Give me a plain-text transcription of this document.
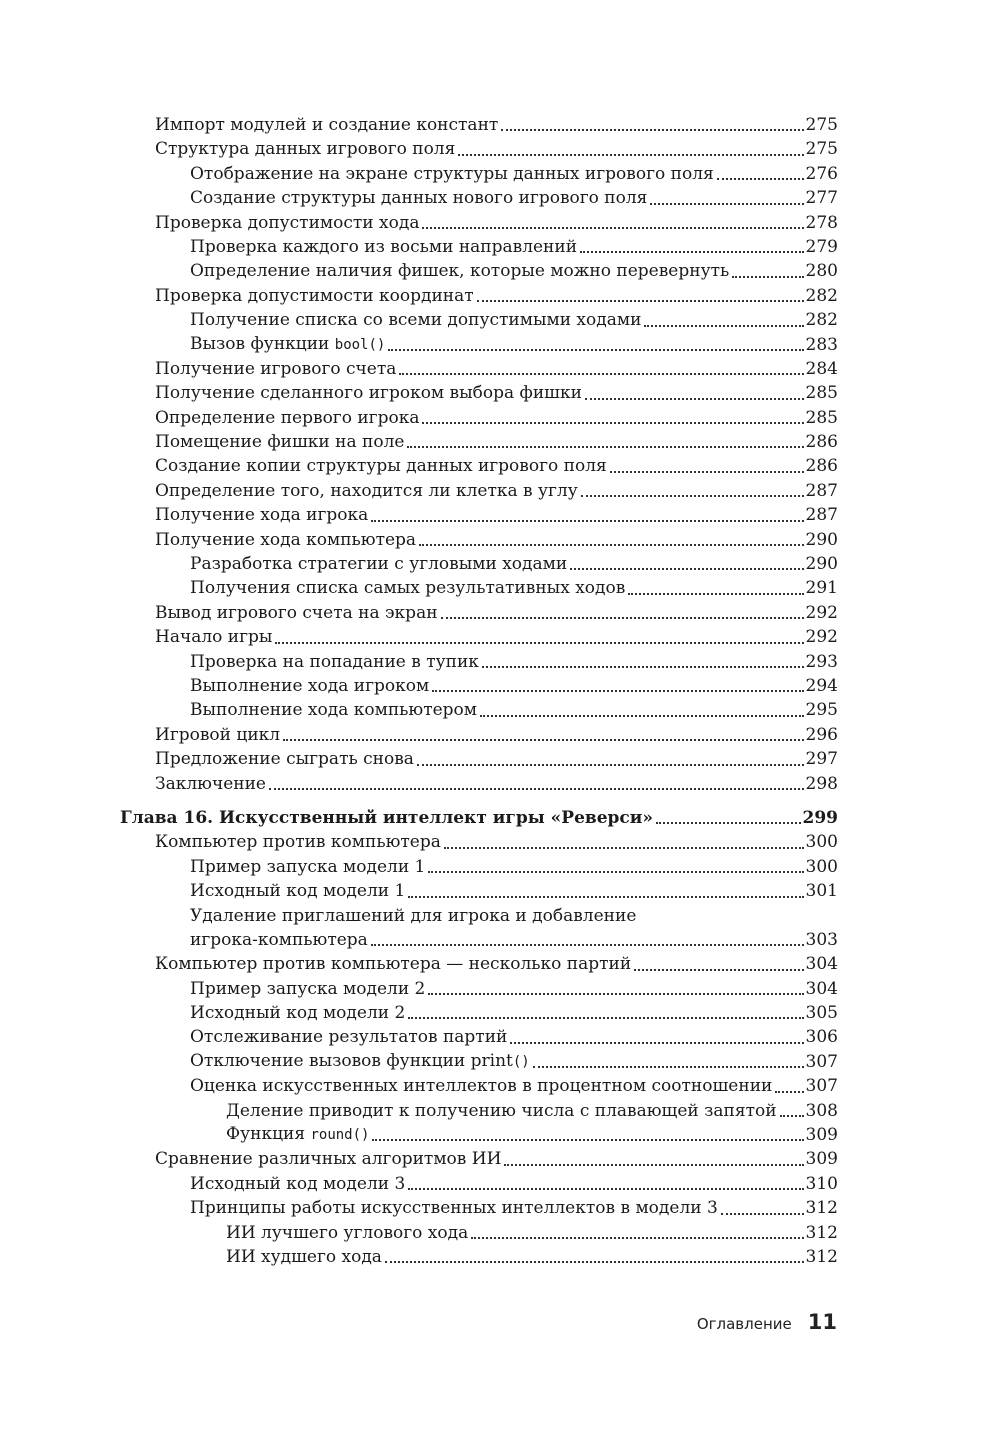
Импорт модулей и создание констант	275
Структура данных игрового поля	275
Отображение на экране структуры данных игрового поля	276
Создание структуры данных нового игрового поля	277
Проверка допустимости хода	278
Проверка каждого из восьми направлений	279
Определение наличия фишек, которые можно перевернуть	280
Проверка допустимости координат	282
Получение списка со всеми допустимыми ходами	282
Вызов функции bool()	283
Получение игрового счета	284
Получение сделанного игроком выбора фишки	285
Определение первого игрока	285
Помещение фишки на поле	286
Создание копии структуры данных игрового поля	286
Определение того, находится ли клетка в углу	287
Получение хода игрока	287
Получение хода компьютера	290
Разработка стратегии с угловыми ходами	290
Получения списка самых результативных ходов	291
Вывод игрового счета на экран	292
Начало игры	292
Проверка на попадание в тупик	293
Выполнение хода игроком	294
Выполнение хода компьютером	295
Игровой цикл	296
Предложение сыграть снова	297
Заключение	298
Глава 16. Искусственный интеллект игры «Реверси»	299
Компьютер против компьютера	300
Пример запуска модели 1	300
Исходный код модели 1	301
Удаление приглашений для игрока и добавление
игрока-компьютера	303
Компьютер против компьютера — несколько партий	304
Пример запуска модели 2	304
Исходный код модели 2	305
Отслеживание результатов партий	306
Отключение вызовов функции print()	307
Оценка искусственных интеллектов в процентном соотношении 307
Деление приводит к получению числа с плавающей запятой 308
Функция round()	309
Сравнение различных алгоритмов ИИ	309
Исходный код модели 3	310
Принципы работы искусственных интеллектов в модели 3	312
ИИ лучшего углового хода	312
ИИ худшего хода	312
Оглавление 11
